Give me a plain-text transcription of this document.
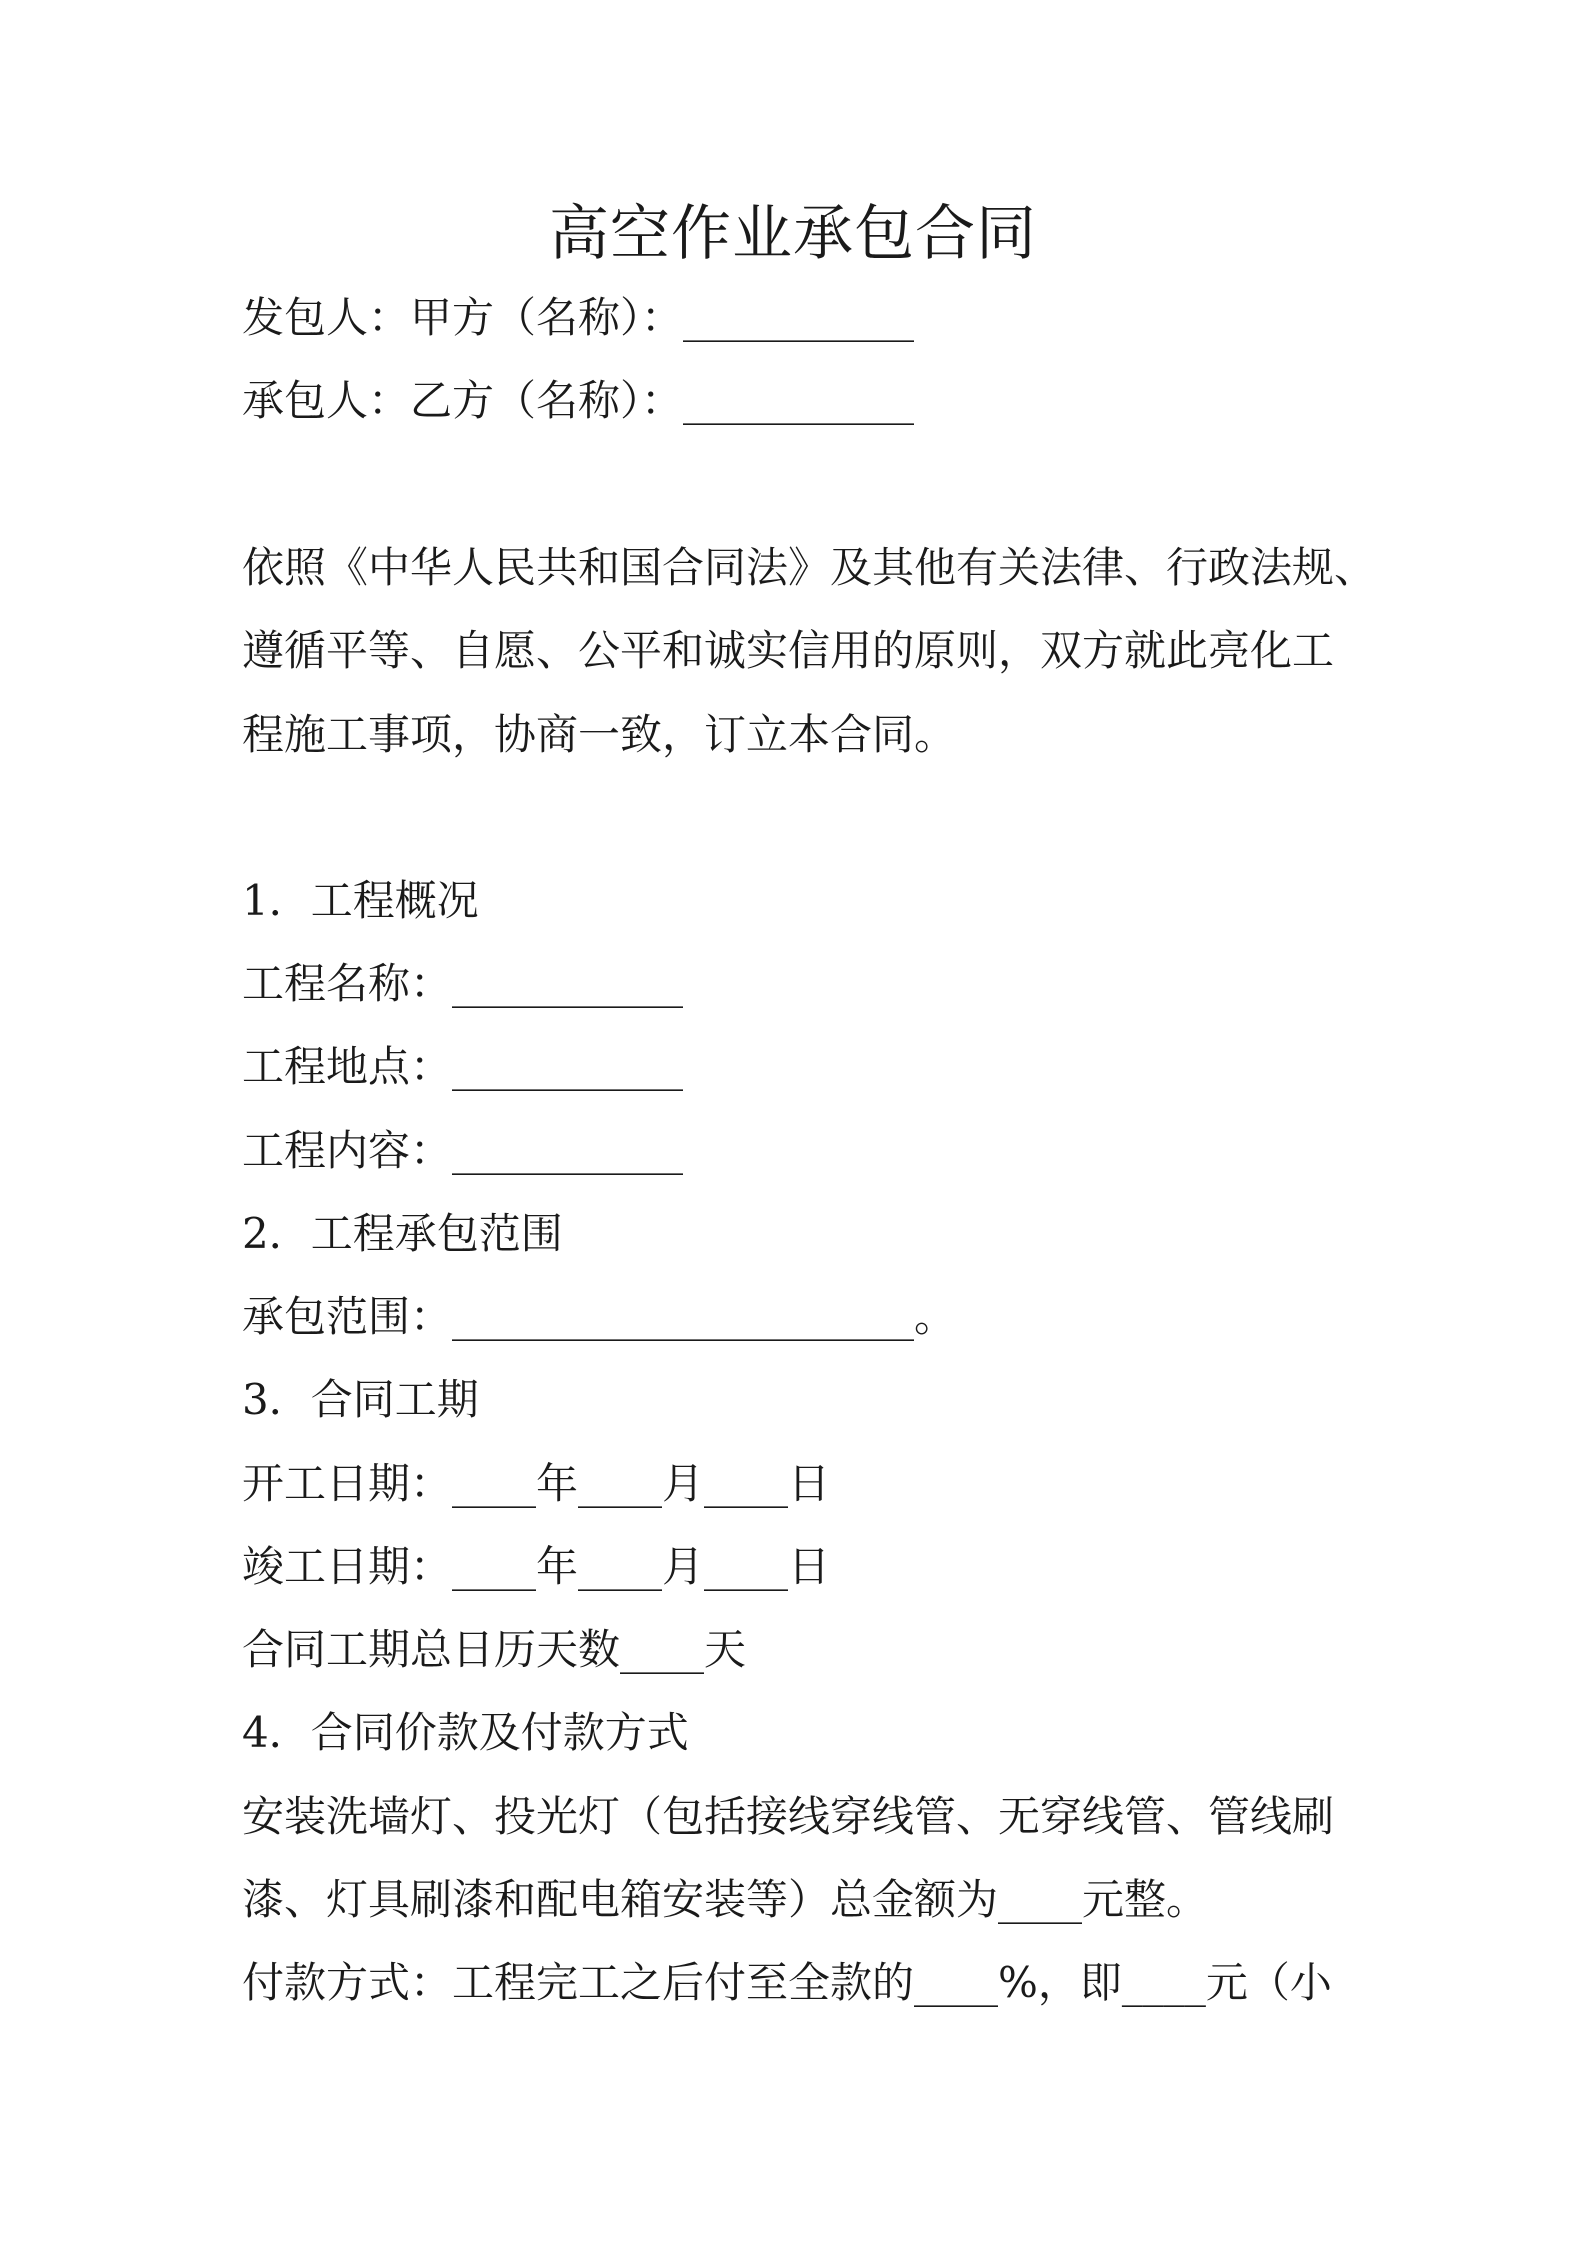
高空作业承包合同
发包人：甲方（名称）：___________
承包人：乙方（名称）：___________
依照《中华人民共和国合同法》及其他有关法律、行政法规、
遵循平等、自愿、公平和诚实信用的原则，双方就此亮化工
程施工事项，协商一致，订立本合同。
1．工程概况
工程名称：___________
工程地点：___________
工程内容：___________
2．工程承包范围
承包范围：______________________。
3．合同工期
开工日期：____年____月____日
竣工日期：____年____月____日
合同工期总日历天数____天
4．合同价款及付款方式
安装洗墙灯、投光灯（包括接线穿线管、无穿线管、管线刷
漆、灯具刷漆和配电箱安装等）总金额为____元整。
付款方式：工程完工之后付至全款的____%，即____元（小
